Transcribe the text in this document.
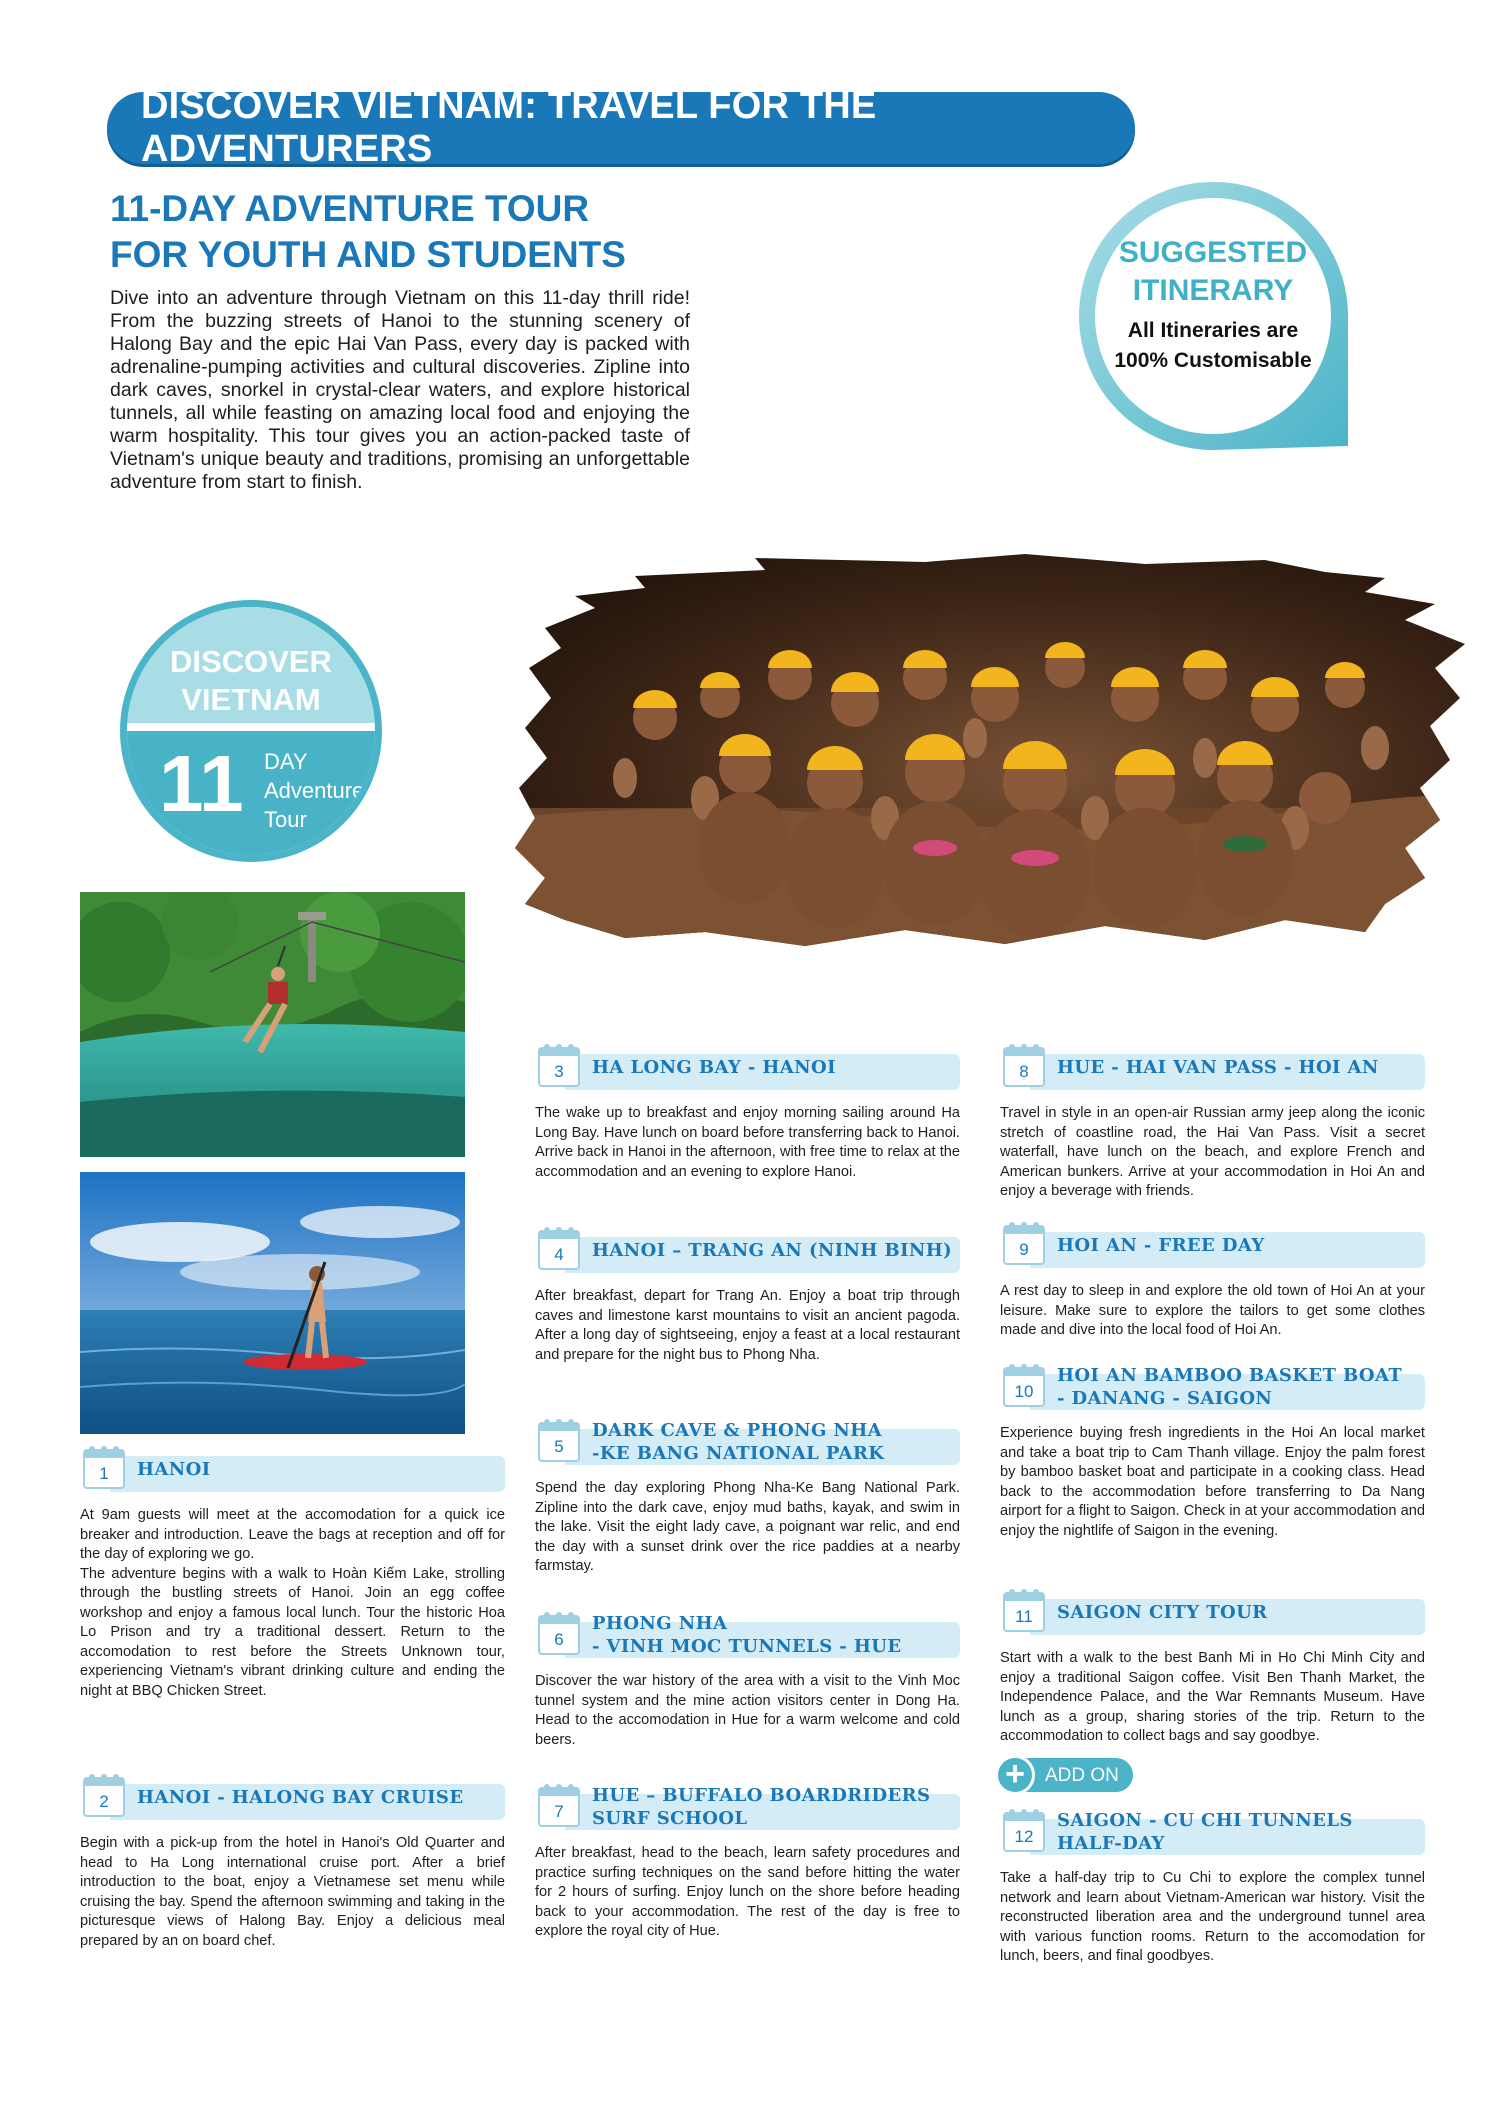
DISCOVER VIETNAM: TRAVEL FOR THE ADVENTURERS
11-DAY ADVENTURE TOUR
FOR YOUTH AND STUDENTS

Dive into an adventure through Vietnam on this 11-day thrill ride! From the buzzing streets of Hanoi to the stunning scenery of Halong Bay and the epic Hai Van Pass, every day is packed with adrenaline-pumping activities and cultural discoveries. Zipline into dark caves, snorkel in crystal-clear waters, and explore historical tunnels, all while feasting on amazing local food and enjoying the warm hospitality. This tour gives you an action-packed taste of Vietnam's unique beauty and traditions, promising an unforgettable adventure from start to finish.

SUGGESTED
ITINERARY
All Itineraries are
100% Customisable
DISCOVER
VIETNAM
11 DAY
Adventure
Tour
1	HANOI
At 9am guests will meet at the accomodation for a quick ice breaker and introduction. Leave the bags at reception and off for the day of exploring we go.
The adventure begins with a walk to Hoàn Kiếm Lake, strolling through the bustling streets of Hanoi. Join an egg coffee workshop and enjoy a famous local lunch. Tour the historic Hoa Lo Prison and try a traditional dessert. Return to the accomodation to rest before the Streets Unknown tour, experiencing Vietnam's vibrant drinking culture and ending the night at BBQ Chicken Street.
2	HANOI - HALONG BAY CRUISE
Begin with a pick-up from the hotel in Hanoi's Old Quarter and head to Ha Long international cruise port. After a brief introduction to the boat, enjoy a Vietnamese set menu while cruising the bay. Spend the afternoon swimming and taking in the picturesque views of Halong Bay. Enjoy a delicious meal prepared by an on board chef.
3	HA LONG BAY - HANOI
The wake up to breakfast and enjoy morning sailing around Ha Long Bay. Have lunch on board before transferring back to Hanoi. Arrive back in Hanoi in the afternoon, with free time to relax at the accommodation and an evening to explore Hanoi.
4	HANOI – TRANG AN (NINH BINH)
After breakfast, depart for Trang An. Enjoy a boat trip through caves and limestone karst mountains to visit an ancient pagoda. After a long day of sightseeing, enjoy a feast at a local restaurant and prepare for the night bus to Phong Nha.
5
DARK CAVE & PHONG NHA
-KE BANG NATIONAL PARK
Spend the day exploring Phong Nha-Ke Bang National Park. Zipline into the dark cave, enjoy mud baths, kayak, and swim in the lake. Visit the eight lady cave, a poignant war relic, and end the day with a sunset drink over the rice paddies at a nearby farmstay.
6
PHONG NHA
- VINH MOC TUNNELS - HUE
Discover the war history of the area with a visit to the Vinh Moc tunnel system and the mine action visitors center in Dong Ha. Head to the accomodation in Hue for a warm welcome and cold beers.
7
HUE – BUFFALO BOARDRIDERS
SURF SCHOOL
After breakfast, head to the beach, learn safety procedures and practice surfing techniques on the sand before hitting the water for 2 hours of surfing. Enjoy lunch on the shore before heading back to your accommodation. The rest of the day is free to explore the royal city of Hue.
8	HUE - HAI VAN PASS - HOI AN
Travel in style in an open-air Russian army jeep along the iconic stretch of coastline road, the Hai Van Pass. Visit a secret waterfall, have lunch on the beach, and explore French and American bunkers. Arrive at your accommodation in Hoi An and enjoy a beverage with friends.
9	HOI AN - FREE DAY
A rest day to sleep in and explore the old town of Hoi An at your leisure. Make sure to explore the tailors to get some clothes made and dive into the local food of Hoi An.
10
HOI AN BAMBOO BASKET BOAT
- DANANG - SAIGON
Experience buying fresh ingredients in the Hoi An local market and take a boat trip to Cam Thanh village. Enjoy the palm forest by bamboo basket boat and participate in a cooking class. Head back to the accommodation before transferring to Da Nang airport for a flight to Saigon. Check in at your accommodation and enjoy the nightlife of Saigon in the evening.
11	SAIGON CITY TOUR
Start with a walk to the best Banh Mi in Ho Chi Minh City and enjoy a traditional Saigon coffee. Visit Ben Thanh Market, the Independence Palace, and the War Remnants Museum. Have lunch as a group, sharing stories of the trip. Return to the accommodation to collect bags and say goodbye.
+	ADD ON
12
SAIGON - CU CHI TUNNELS
HALF-DAY
Take a half-day trip to Cu Chi to explore the complex tunnel network and learn about Vietnam-American war history. Visit the reconstructed liberation area and the underground tunnel area with various function rooms. Return to the accomodation for lunch, beers, and final goodbyes.
